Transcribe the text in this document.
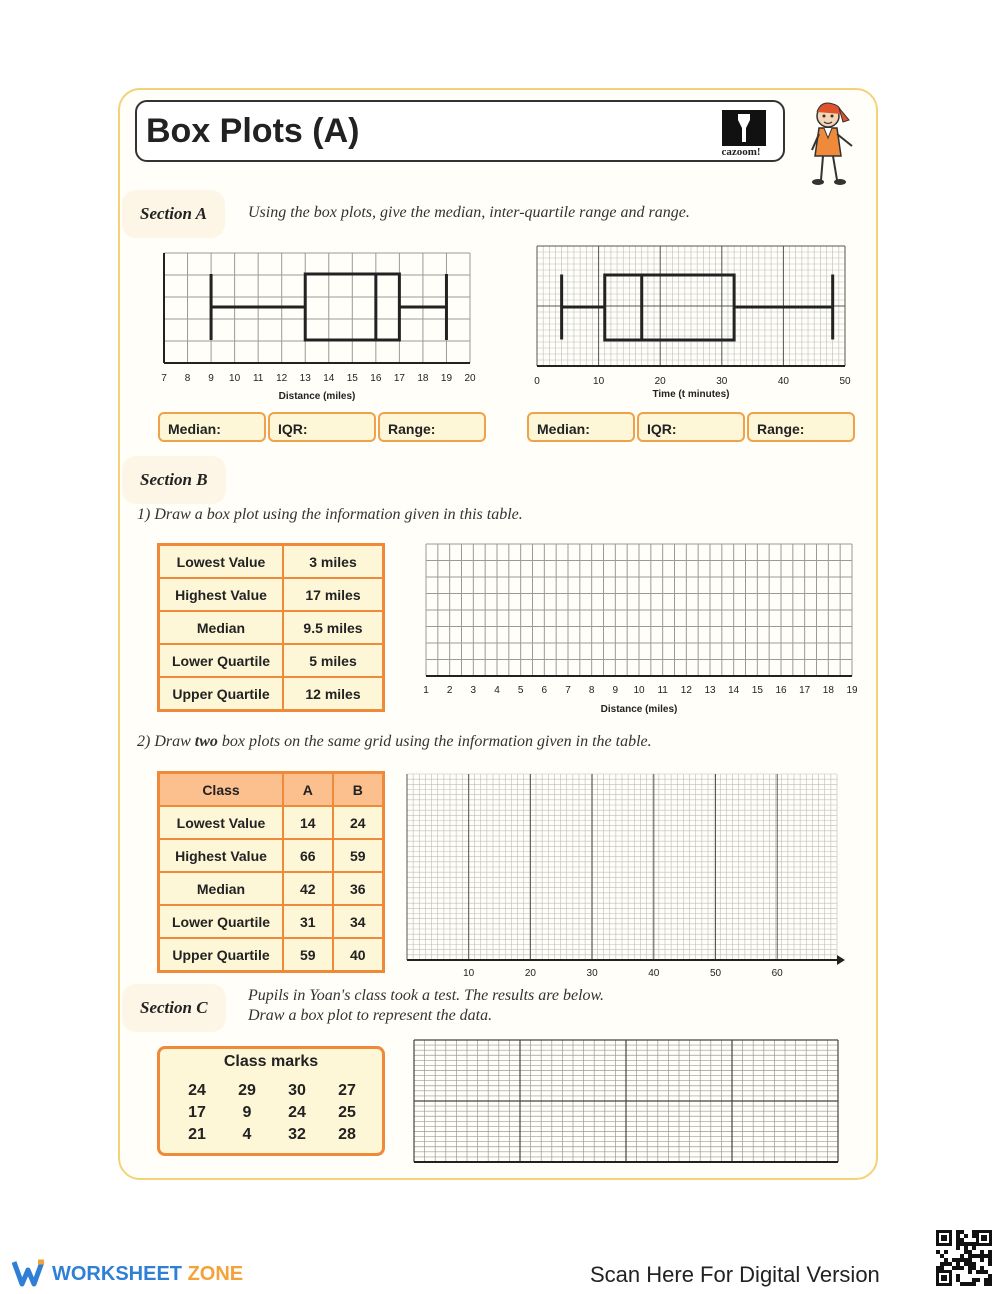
Box Plots (A)
cazoom!
Section A	Using the box plots, give the median, inter-quartile range and range.
7 8 9 10 11 12 13 14 15 16 17 18 19 20
Distance (miles)
0	10	20	30	40	50
Time (t minutes)
Median:	IQR:	Range:	Median:	IQR:	Range:
Section B
1) Draw a box plot using the information given in this table.
Lowest Value	3 miles
Highest Value	17 miles
Median	9.5 miles
Lower Quartile	5 miles
Upper Quartile	12 miles	1 2 3 4 5 6 7 8 9 10 11 12 13 14 15 16 17 18 19
Distance (miles)
2) Draw two box plots on the same grid using the information given in the table.
Class	A	B
Lowest Value	14	24
Highest Value	66	59
Median	42	36
Lower Quartile	31	34
Upper Quartile	59	40
10	20	30	40	50	60
Section C
Pupils in Yoan's class took a test. The results are below.
Draw a box plot to represent the data.
Class marks
24	29	30	27
17	9	24	25
21	4	32	28
WORKSHEET ZONE	Scan Here For Digital Version
